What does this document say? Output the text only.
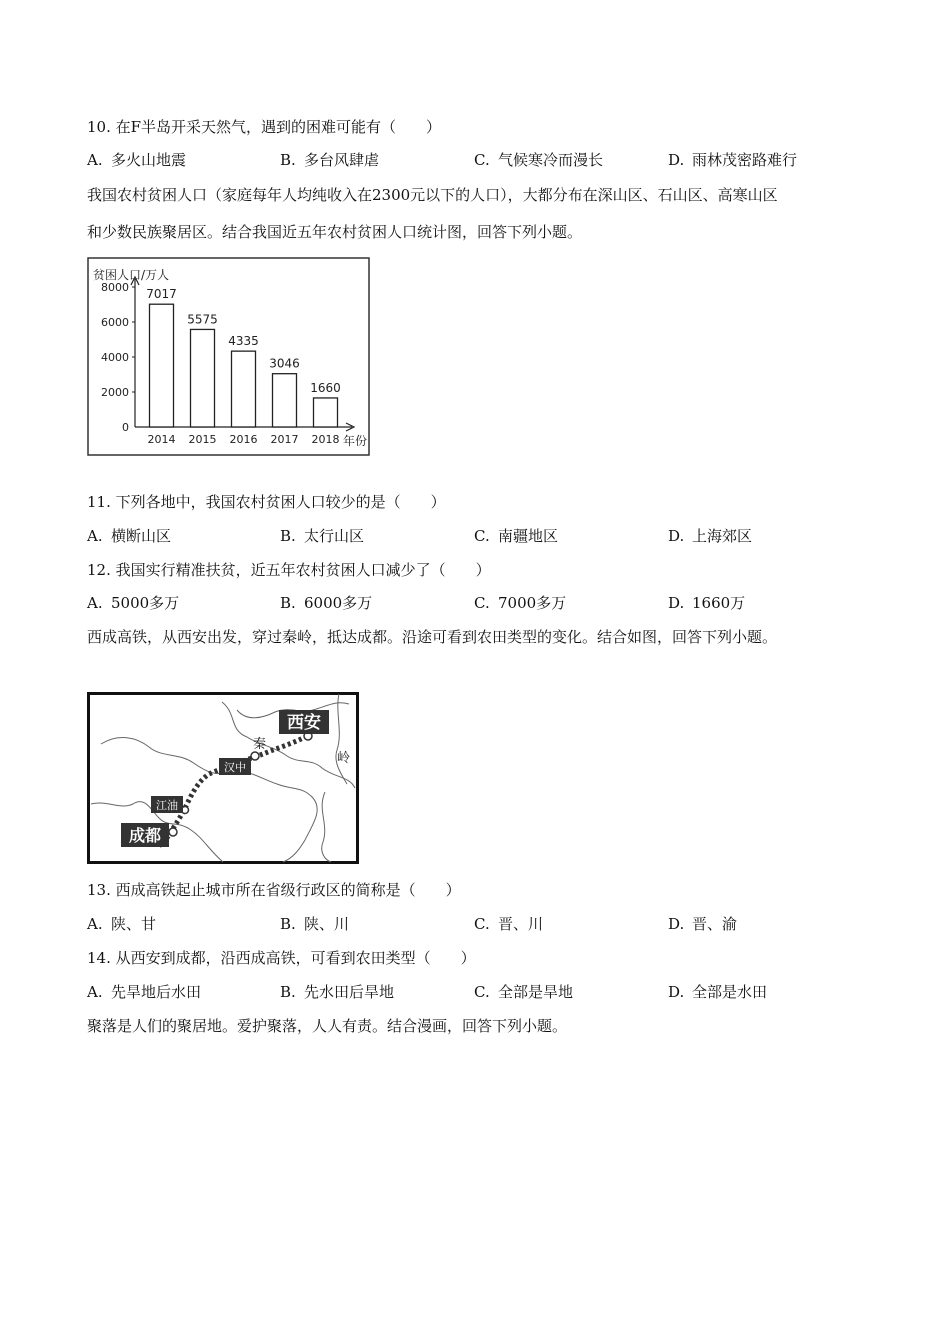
10. 在F半岛开采天然气，遇到的困难可能有（　　）
A. 多火山地震	B. 多台风肆虐	C. 气候寒冷而漫长	D. 雨林茂密路难行
我国农村贫困人口（家庭每年人均纯收入在2300元以下的人口），大都分布在深山区、石山区、高寒山区
和少数民族聚居区。结合我国近五年农村贫困人口统计图，回答下列小题。
贫困人口/万人
年份
0
2000
4000
6000
8000 7017
2014
5575
2015
4335
2016
3046
2017
1660
2018
11. 下列各地中，我国农村贫困人口较少的是（　　）
A. 横断山区	B. 太行山区	C. 南疆地区	D. 上海郊区
12. 我国实行精准扶贫，近五年农村贫困人口减少了（　　）
A. 5000多万	B. 6000多万	C. 7000多万	D. 1660万
西成高铁，从西安出发，穿过秦岭，抵达成都。沿途可看到农田类型的变化。结合如图，回答下列小题。
西安
秦
岭
汉中
江油
成都
13. 西成高铁起止城市所在省级行政区的简称是（　　）
A. 陕、甘	B. 陕、川	C. 晋、川	D. 晋、渝
14. 从西安到成都，沿西成高铁，可看到农田类型（　　）
A. 先旱地后水田	B. 先水田后旱地	C. 全部是旱地	D. 全部是水田
聚落是人们的聚居地。爱护聚落，人人有责。结合漫画，回答下列小题。
